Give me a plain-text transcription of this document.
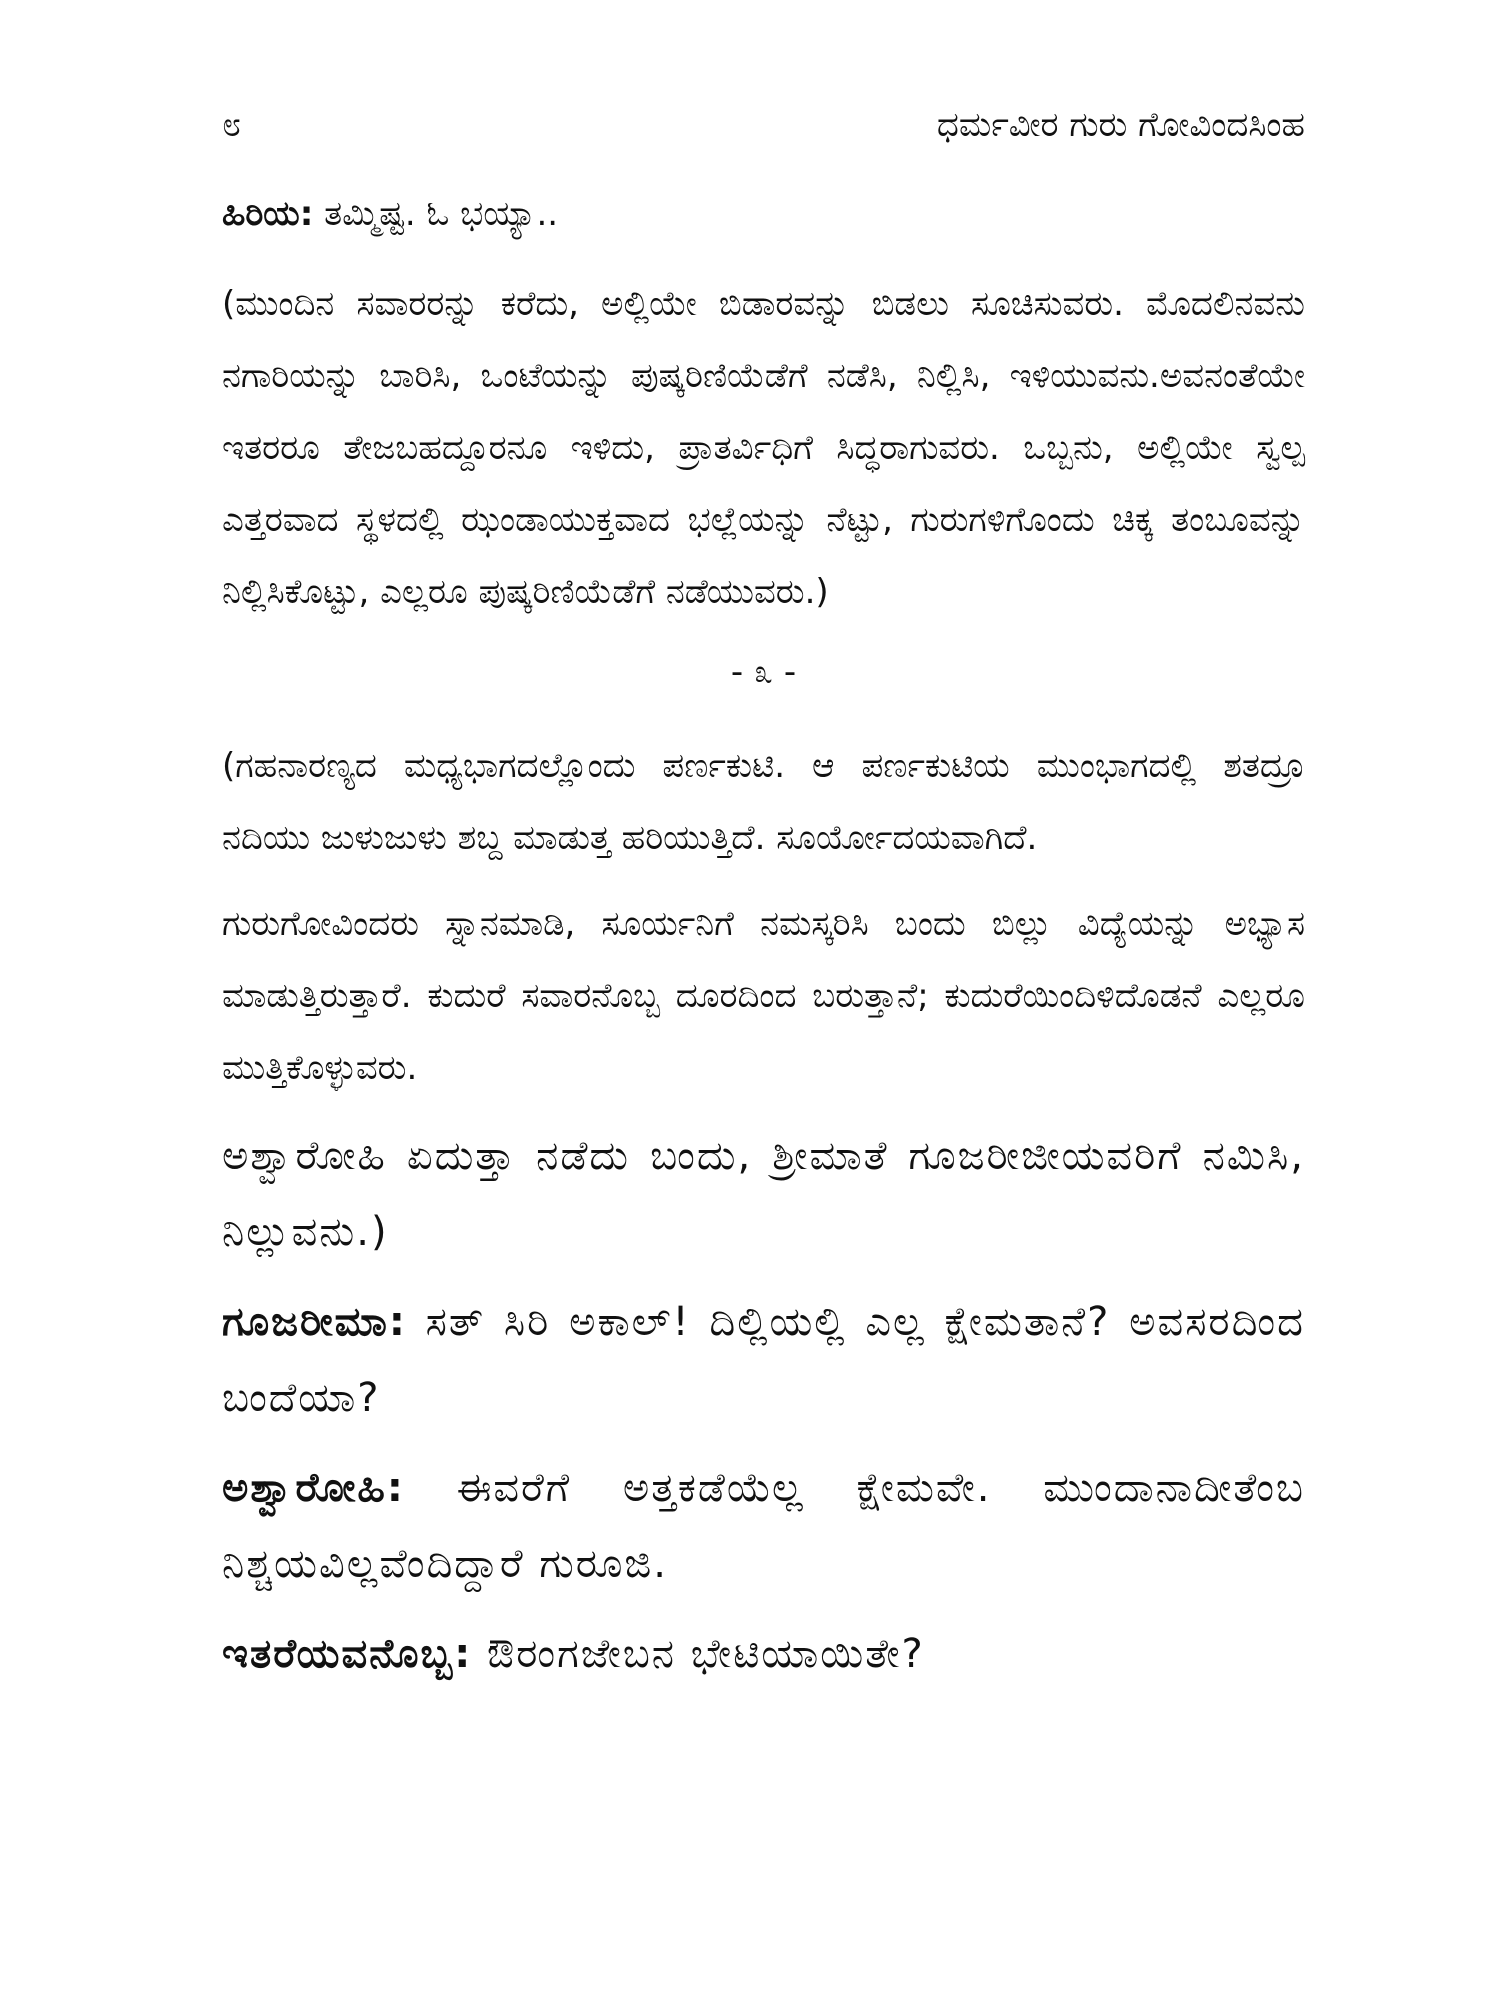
೮	ಧರ್ಮವೀರ ಗುರು ಗೋವಿಂದಸಿಂಹ

ಹಿರಿಯ: ತಮ್ಮಿಷ್ಟ. ಓ ಭಯ್ಯಾ..

(ಮುಂದಿನ ಸವಾರರನ್ನು ಕರೆದು, ಅಲ್ಲಿಯೇ ಬಿಡಾರವನ್ನು ಬಿಡಲು ಸೂಚಿಸುವರು. ಮೊದಲಿನವನು ನಗಾರಿಯನ್ನು ಬಾರಿಸಿ, ಒಂಟೆಯನ್ನು ಪುಷ್ಕರಿಣಿಯೆಡೆಗೆ ನಡೆಸಿ, ನಿಲ್ಲಿಸಿ, ಇಳಿಯುವನು.ಅವನಂತೆಯೇ ಇತರರೂ ತೇಜಬಹದ್ದೂರನೂ ಇಳಿದು, ಪ್ರಾತರ್ವಿಧಿಗೆ ಸಿದ್ಧರಾಗುವರು. ಒಬ್ಬನು, ಅಲ್ಲಿಯೇ ಸ್ವಲ್ಪ ಎತ್ತರವಾದ ಸ್ಥಳದಲ್ಲಿ ಝಂಡಾಯುಕ್ತವಾದ ಭಲ್ಲೆಯನ್ನು ನೆಟ್ಟು, ಗುರುಗಳಿಗೊಂದು ಚಿಕ್ಕ ತಂಬೂವನ್ನು ನಿಲ್ಲಿಸಿಕೊಟ್ಟು, ಎಲ್ಲರೂ ಪುಷ್ಕರಿಣಿಯೆಡೆಗೆ ನಡೆಯುವರು.)

- ೩ -

(ಗಹನಾರಣ್ಯದ ಮಧ್ಯಭಾಗದಲ್ಲೊಂದು ಪರ್ಣಕುಟಿ. ಆ ಪರ್ಣಕುಟಿಯ ಮುಂಭಾಗದಲ್ಲಿ ಶತದ್ರೂ ನದಿಯು ಜುಳುಜುಳು ಶಬ್ದ ಮಾಡುತ್ತ ಹರಿಯುತ್ತಿದೆ. ಸೂರ್ಯೋದಯವಾಗಿದೆ.

ಗುರುಗೋವಿಂದರು ಸ್ನಾನಮಾಡಿ, ಸೂರ್ಯನಿಗೆ ನಮಸ್ಕರಿಸಿ ಬಂದು ಬಿಲ್ಲು ವಿದ್ಯೆಯನ್ನು ಅಭ್ಯಾಸ ಮಾಡುತ್ತಿರುತ್ತಾರೆ. ಕುದುರೆ ಸವಾರನೊಬ್ಬ ದೂರದಿಂದ ಬರುತ್ತಾನೆ; ಕುದುರೆಯಿಂದಿಳಿದೊಡನೆ ಎಲ್ಲರೂ ಮುತ್ತಿಕೊಳ್ಳುವರು.

ಅಶ್ವಾರೋಹಿ ಏದುತ್ತಾ ನಡೆದು ಬಂದು, ಶ್ರೀಮಾತೆ ಗೂಜರೀಜೀಯವರಿಗೆ ನಮಿಸಿ, ನಿಲ್ಲುವನು.)

ಗೂಜರೀಮಾ: ಸತ್ ಸಿರಿ ಅಕಾಲ್! ದಿಲ್ಲಿಯಲ್ಲಿ ಎಲ್ಲ ಕ್ಷೇಮತಾನೆ? ಅವಸರದಿಂದ ಬಂದೆಯಾ?

ಅಶ್ವಾರೋಹಿ: ಈವರೆಗೆ ಅತ್ತಕಡೆಯೆಲ್ಲ ಕ್ಷೇಮವೇ. ಮುಂದಾನಾದೀತೆಂಬ ನಿಶ್ಚಯವಿಲ್ಲವೆಂದಿದ್ದಾರೆ ಗುರೂಜಿ.

ಇತರೆಯವನೊಬ್ಬ: ಔರಂಗಜೇಬನ ಭೇಟಿಯಾಯಿತೇ?
